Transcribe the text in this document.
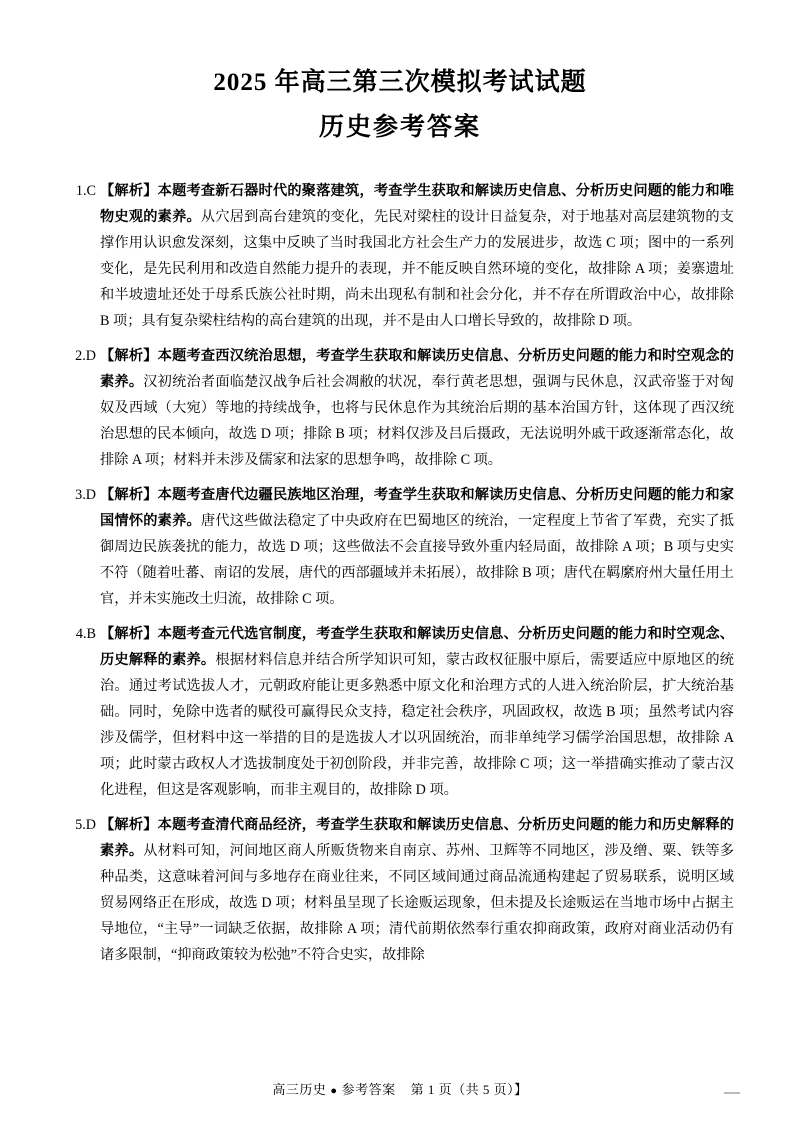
2025 年高三第三次模拟考试试题
历史参考答案
1.C 【解析】本题考查新石器时代的聚落建筑，考查学生获取和解读历史信息、分析历史问题的能力和唯物史观的素养。从穴居到高台建筑的变化，先民对梁柱的设计日益复杂，对于地基对高层建筑物的支撑作用认识愈发深刻，这集中反映了当时我国北方社会生产力的发展进步，故选 C 项；图中的一系列变化，是先民利用和改造自然能力提升的表现，并不能反映自然环境的变化，故排除 A 项；姜寨遗址和半坡遗址还处于母系氏族公社时期，尚未出现私有制和社会分化，并不存在所谓政治中心，故排除 B 项；具有复杂梁柱结构的高台建筑的出现，并不是由人口增长导致的，故排除 D 项。
2.D 【解析】本题考查西汉统治思想，考查学生获取和解读历史信息、分析历史问题的能力和时空观念的素养。汉初统治者面临楚汉战争后社会凋敝的状况，奉行黄老思想，强调与民休息，汉武帝鉴于对匈奴及西域（大宛）等地的持续战争，也将与民休息作为其统治后期的基本治国方针，这体现了西汉统治思想的民本倾向，故选 D 项；排除 B 项；材料仅涉及吕后摄政，无法说明外戚干政逐渐常态化，故排除 A 项；材料并未涉及儒家和法家的思想争鸣，故排除 C 项。
3.D 【解析】本题考查唐代边疆民族地区治理，考查学生获取和解读历史信息、分析历史问题的能力和家国情怀的素养。唐代这些做法稳定了中央政府在巴蜀地区的统治，一定程度上节省了军费，充实了抵御周边民族袭扰的能力，故选 D 项；这些做法不会直接导致外重内轻局面，故排除 A 项；B 项与史实不符（随着吐蕃、南诏的发展，唐代的西部疆域并未拓展），故排除 B 项；唐代在羁縻府州大量任用土官，并未实施改土归流，故排除 C 项。
4.B 【解析】本题考查元代选官制度，考查学生获取和解读历史信息、分析历史问题的能力和时空观念、历史解释的素养。根据材料信息并结合所学知识可知，蒙古政权征服中原后，需要适应中原地区的统治。通过考试选拔人才，元朝政府能让更多熟悉中原文化和治理方式的人进入统治阶层，扩大统治基础。同时，免除中选者的赋役可赢得民众支持，稳定社会秩序，巩固政权，故选 B 项；虽然考试内容涉及儒学，但材料中这一举措的目的是选拔人才以巩固统治，而非单纯学习儒学治国思想，故排除 A 项；此时蒙古政权人才选拔制度处于初创阶段，并非完善，故排除 C 项；这一举措确实推动了蒙古汉化进程，但这是客观影响，而非主观目的，故排除 D 项。
5.D 【解析】本题考查清代商品经济，考查学生获取和解读历史信息、分析历史问题的能力和历史解释的素养。从材料可知，河间地区商人所贩货物来自南京、苏州、卫辉等不同地区，涉及缯、粟、铁等多种品类，这意味着河间与多地存在商业往来，不同区域间通过商品流通构建起了贸易联系，说明区域贸易网络正在形成，故选 D 项；材料虽呈现了长途贩运现象，但未提及长途贩运在当地市场中占据主导地位，“主导”一词缺乏依据，故排除 A 项；清代前期依然奉行重农抑商政策，政府对商业活动仍有诸多限制，“抑商政策较为松弛”不符合史实，故排除
高三历史 ● 参考答案 第 1 页（共 5 页）】
